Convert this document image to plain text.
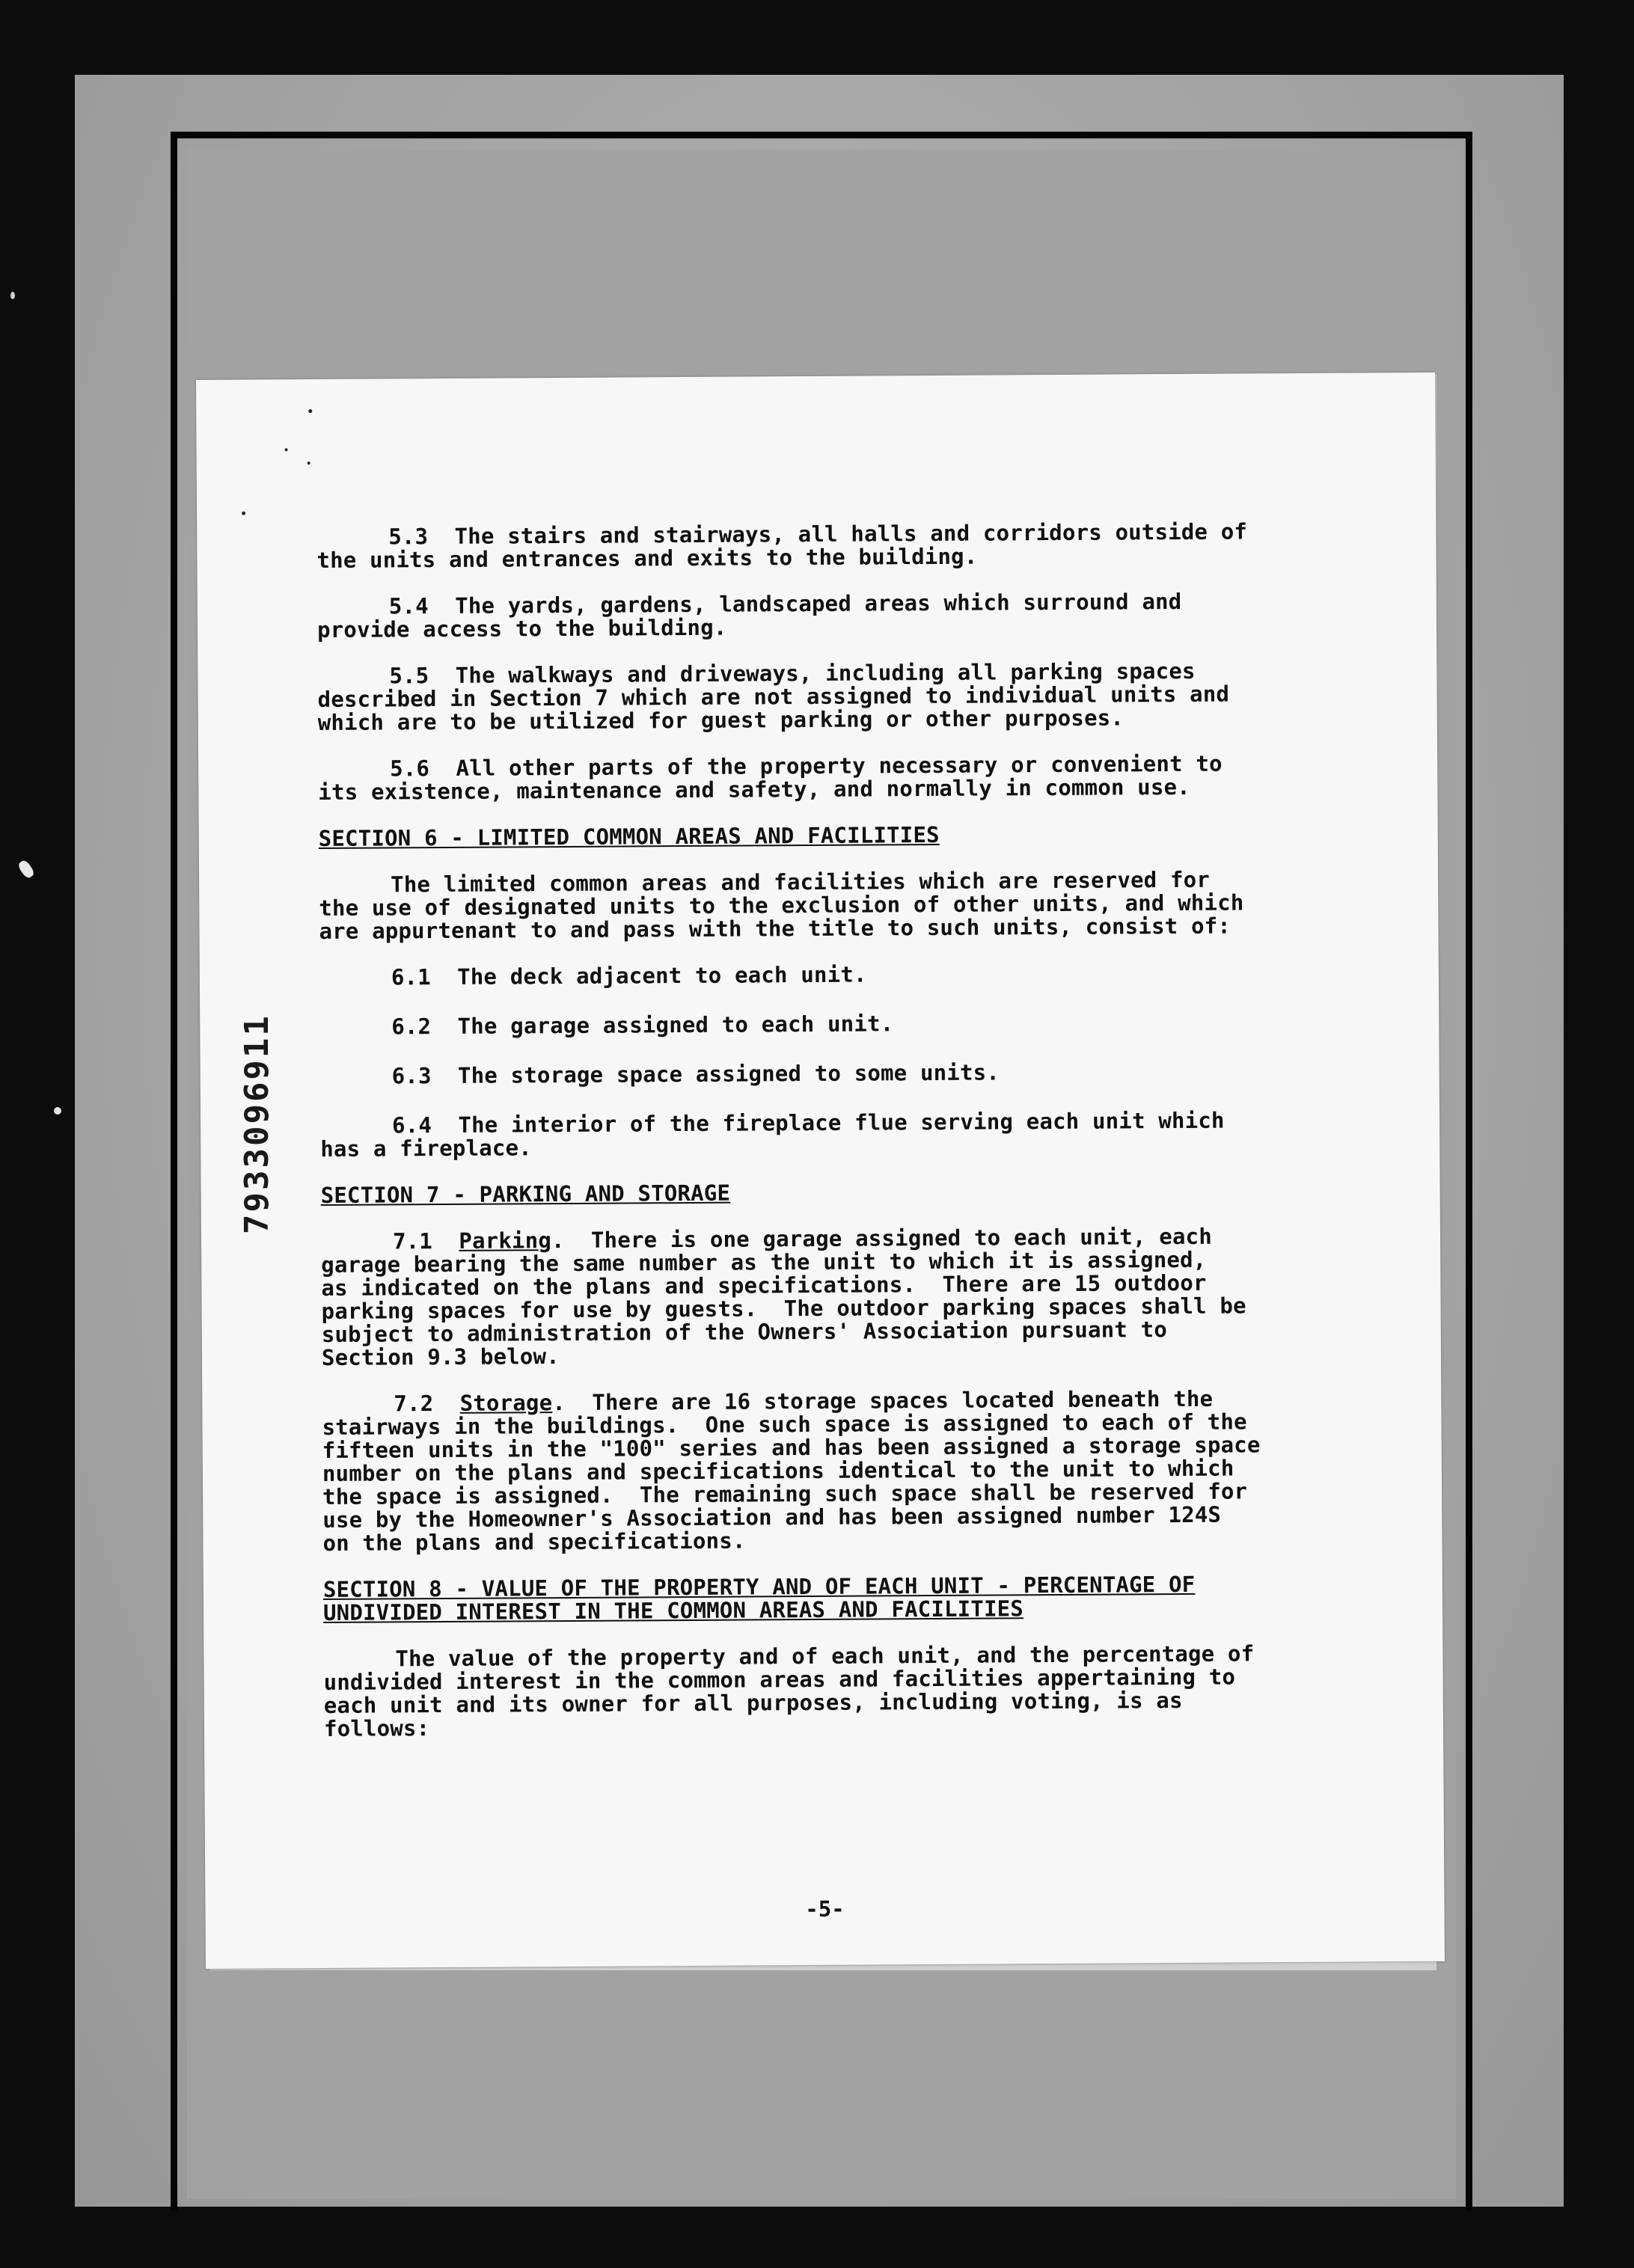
5.3  The stairs and stairways, all halls and corridors outside of
the units and entrances and exits to the building.
5.4  The yards, gardens, landscaped areas which surround and
provide access to the building.
5.5  The walkways and driveways, including all parking spaces
described in Section 7 which are not assigned to individual units and
which are to be utilized for guest parking or other purposes.
5.6  All other parts of the property necessary or convenient to
its existence, maintenance and safety, and normally in common use.
SECTION 6 - LIMITED COMMON AREAS AND FACILITIES
The limited common areas and facilities which are reserved for
the use of designated units to the exclusion of other units, and which
are appurtenant to and pass with the title to such units, consist of:
6.1  The deck adjacent to each unit.
6.2  The garage assigned to each unit.
6.3  The storage space assigned to some units.
6.4  The interior of the fireplace flue serving each unit which
has a fireplace.
SECTION 7 - PARKING AND STORAGE
7.1  Parking.  There is one garage assigned to each unit, each
garage bearing the same number as the unit to which it is assigned,
as indicated on the plans and specifications.  There are 15 outdoor
parking spaces for use by guests.  The outdoor parking spaces shall be
subject to administration of the Owners' Association pursuant to
Section 9.3 below.
7.2  Storage.  There are 16 storage spaces located beneath the
stairways in the buildings.  One such space is assigned to each of the
fifteen units in the "100" series and has been assigned a storage space
number on the plans and specifications identical to the unit to which
the space is assigned.  The remaining such space shall be reserved for
use by the Homeowner's Association and has been assigned number 124S
on the plans and specifications.
SECTION 8 - VALUE OF THE PROPERTY AND OF EACH UNIT - PERCENTAGE OF
UNDIVIDED INTEREST IN THE COMMON AREAS AND FACILITIES
The value of the property and of each unit, and the percentage of
undivided interest in the common areas and facilities appertaining to
each unit and its owner for all purposes, including voting, is as
follows:
-5-
7933096911
